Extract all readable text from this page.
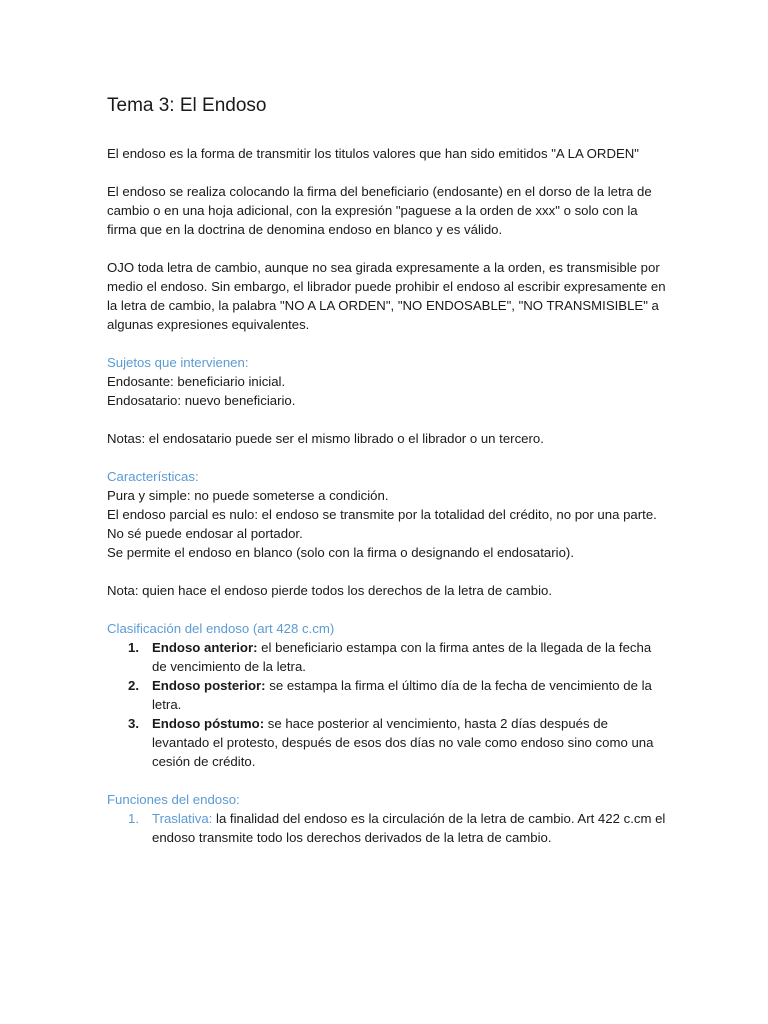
Tema 3: El Endoso

El endoso es la forma de transmitir los titulos valores que han sido emitidos "A LA ORDEN"

El endoso se realiza colocando la firma del beneficiario (endosante) en el dorso de la letra de cambio o en una hoja adicional, con la expresión "paguese a la orden de xxx" o solo con la firma que en la doctrina de denomina endoso en blanco y es válido.

OJO toda letra de cambio, aunque no sea girada expresamente a la orden, es transmisible por medio el endoso. Sin embargo, el librador puede prohibir el endoso al escribir expresamente en la letra de cambio, la palabra "NO A LA ORDEN", "NO ENDOSABLE", "NO TRANSMISIBLE" a algunas expresiones equivalentes.

Sujetos que intervienen:
Endosante: beneficiario inicial.
Endosatario: nuevo beneficiario.

Notas: el endosatario puede ser el mismo librado o el librador o un tercero.

Características:
Pura y simple: no puede someterse a condición.
El endoso parcial es nulo: el endoso se transmite por la totalidad del crédito, no por una parte.
No sé puede endosar al portador.
Se permite el endoso en blanco (solo con la firma o designando el endosatario).

Nota: quien hace el endoso pierde todos los derechos de la letra de cambio.

Clasificación del endoso (art 428 c.cm)
1. Endoso anterior: el beneficiario estampa con la firma antes de la llegada de la fecha de vencimiento de la letra.
2. Endoso posterior: se estampa la firma el último día de la fecha de vencimiento de la letra.
3. Endoso póstumo: se hace posterior al vencimiento, hasta 2 días después de levantado el protesto, después de esos dos días no vale como endoso sino como una cesión de crédito.
Funciones del endoso:
1. Traslativa: la finalidad del endoso es la circulación de la letra de cambio. Art 422 c.cm el endoso transmite todo los derechos derivados de la letra de cambio.
